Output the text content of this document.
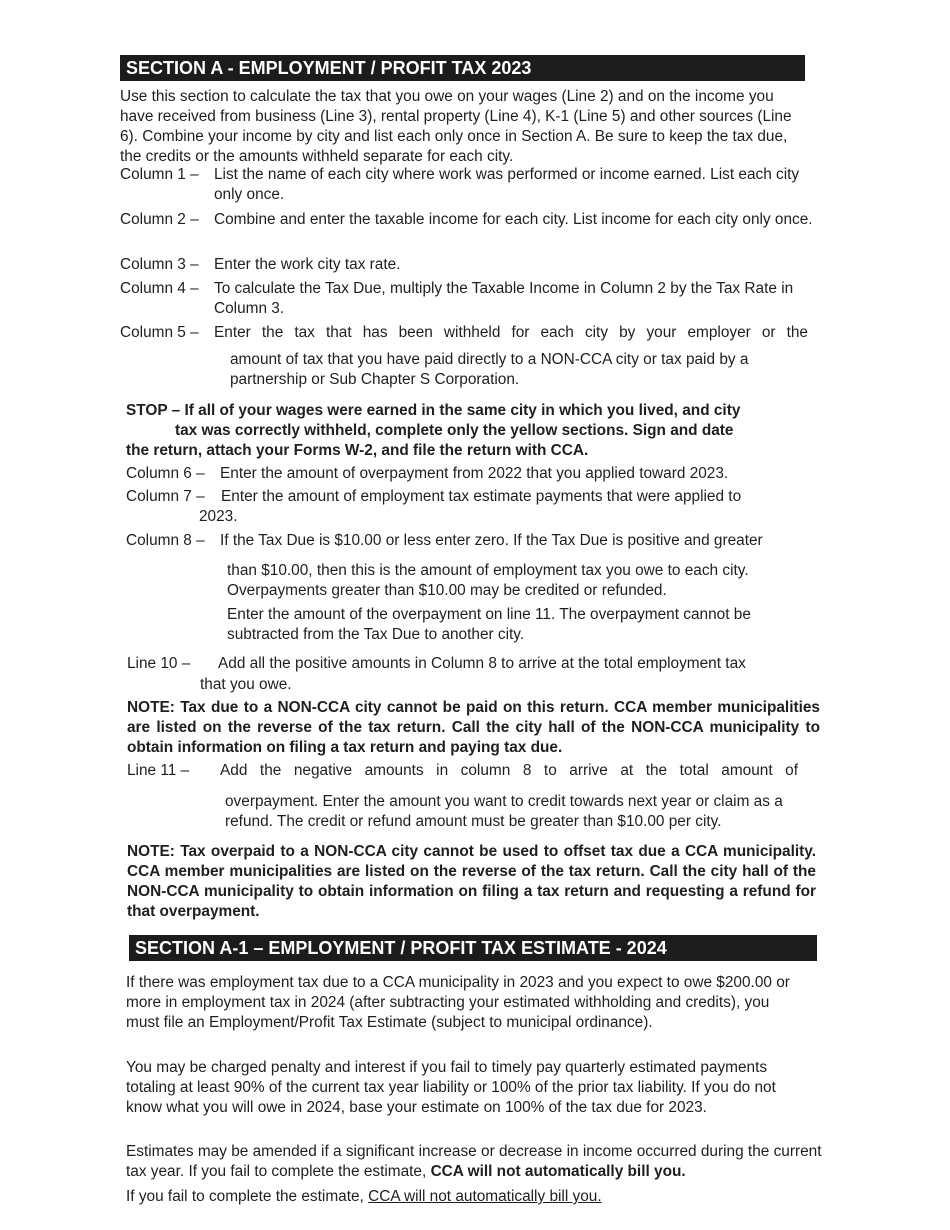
SECTION A - EMPLOYMENT / PROFIT TAX 2023

Use this section to calculate the tax that you owe on your wages (Line 2) and on the income you have received from business (Line 3), rental property (Line 4), K-1 (Line 5) and other sources (Line 6). Combine your income by city and list each only once in Section A. Be sure to keep the tax due, the credits or the amounts withheld separate for each city.

Column 1 – List the name of each city where work was performed or income earned. List each city only once.
Column 2 – Combine and enter the taxable income for each city. List income for each city only once.
Column 3 – Enter the work city tax rate.
Column 4 – To calculate the Tax Due, multiply the Taxable Income in Column 2 by the Tax Rate in Column 3.
Column 5 – Enter the tax that has been withheld for each city by your employer or the
amount of tax that you have paid directly to a NON-CCA city or tax paid by a partnership or Sub Chapter S Corporation.
STOP – If all of your wages were earned in the same city in which you lived, and city
tax was correctly withheld, complete only the yellow sections. Sign and date
the return, attach your Forms W-2, and file the return with CCA.
Column 6 – Enter the amount of overpayment from 2022 that you applied toward 2023.
Column 7 – Enter the amount of employment tax estimate payments that were applied to
2023.
Column 8 – If the Tax Due is $10.00 or less enter zero. If the Tax Due is positive and greater
than $10.00, then this is the amount of employment tax you owe to each city. Overpayments greater than $10.00 may be credited or refunded.
Enter the amount of the overpayment on line 11. The overpayment cannot be subtracted from the Tax Due to another city.
Line 10 – Add all the positive amounts in Column 8 to arrive at the total employment tax
that you owe.

NOTE: Tax due to a NON-CCA city cannot be paid on this return. CCA member municipalities are listed on the reverse of the tax return. Call the city hall of the NON-CCA municipality to obtain information on filing a tax return and paying tax due.

Line 11 – Add the negative amounts in column 8 to arrive at the total amount of
overpayment. Enter the amount you want to credit towards next year or claim as a refund. The credit or refund amount must be greater than $10.00 per city.

NOTE: Tax overpaid to a NON-CCA city cannot be used to offset tax due a CCA municipality. CCA member municipalities are listed on the reverse of the tax return. Call the city hall of the NON-CCA municipality to obtain information on filing a tax return and requesting a refund for that overpayment.

SECTION A-1 – EMPLOYMENT / PROFIT TAX ESTIMATE - 2024

If there was employment tax due to a CCA municipality in 2023 and you expect to owe $200.00 or more in employment tax in 2024 (after subtracting your estimated withholding and credits), you must file an Employment/Profit Tax Estimate (subject to municipal ordinance).

You may be charged penalty and interest if you fail to timely pay quarterly estimated payments totaling at least 90% of the current tax year liability or 100% of the prior tax liability. If you do not know what you will owe in 2024, base your estimate on 100% of the tax due for 2023.

Estimates may be amended if a significant increase or decrease in income occurred during the current tax year. If you fail to complete the estimate, CCA will not automatically bill you.

If you fail to complete the estimate, CCA will not automatically bill you.
